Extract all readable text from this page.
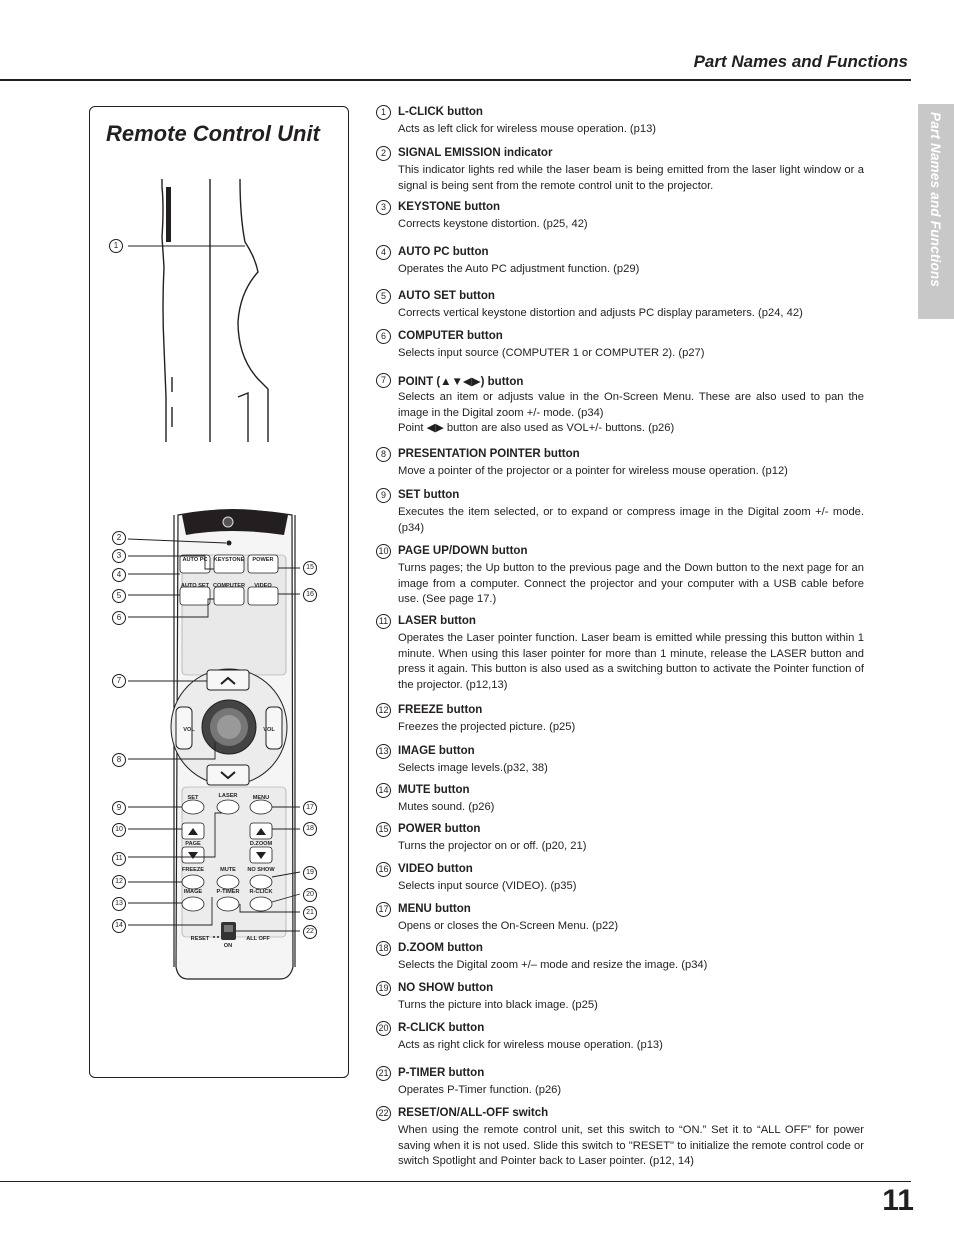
Part Names and Functions
Part Names and Functions
Remote Control Unit
AUTO PC KEYSTONE POWER
AUTO SET COMPUTER VIDEO
VOL	VOL
SET	LASER	MENU
PAGE	D.ZOOM
FREEZE	MUTE NO SHOW
IMAGE	P-TIMER R-CLICK
RESET
ON
ALL OFF
1
2
3
4
5
6
7
8
9
10
11
12
13
14
15
16
17
18
19
20
21
22
1	L-CLICK button
Acts as left click for wireless mouse operation. (p13)
2	SIGNAL EMISSION indicator
This indicator lights red while the laser beam is being emitted from the laser light window or a signal is being sent from the remote control unit to the projector.
3	KEYSTONE button
Corrects keystone distortion. (p25, 42)
4	AUTO PC button
Operates the Auto PC adjustment function. (p29)
5	AUTO SET button
Corrects vertical keystone distortion and adjusts PC display parameters. (p24, 42)
6	COMPUTER button
Selects input source (COMPUTER 1 or COMPUTER 2). (p27)
7	POINT (▲▼◀▶) button
Selects an item or adjusts value in the On-Screen Menu. These are also used to pan the image in the Digital zoom +/- mode. (p34)
Point ◀▶ button are also used as VOL+/- buttons. (p26)
8	PRESENTATION POINTER button
Move a pointer of the projector or a pointer for wireless mouse operation. (p12)
9	SET button
Executes the item selected, or to expand or compress image in the Digital zoom +/- mode. (p34)
10 PAGE UP/DOWN button
Turns pages; the Up button to the previous page and the Down button to the next page for an image from a computer. Connect the projector and your computer with a USB cable before use. (See page 17.)
11 LASER button
Operates the Laser pointer function. Laser beam is emitted while pressing this button within 1 minute. When using this laser pointer for more than 1 minute, release the LASER button and press it again. This button is also used as a switching button to activate the Pointer function of the projector. (p12,13)
12 FREEZE button
Freezes the projected picture. (p25)
13 IMAGE button
Selects image levels.(p32, 38)
14 MUTE button
Mutes sound. (p26)
15 POWER button
Turns the projector on or off. (p20, 21)
16 VIDEO button
Selects input source (VIDEO). (p35)
17 MENU button
Opens or closes the On-Screen Menu. (p22)
18 D.ZOOM button
Selects the Digital zoom +/– mode and resize the image. (p34)
19 NO SHOW button
Turns the picture into black image. (p25)
20 R-CLICK button
Acts as right click for wireless mouse operation. (p13)
21 P-TIMER button
Operates P-Timer function. (p26)
22 RESET/ON/ALL-OFF switch
When using the remote control unit, set this switch to “ON.” Set it to “ALL OFF” for power saving when it is not used. Slide this switch to "RESET" to initialize the remote control code or switch Spotlight and Pointer back to Laser pointer. (p12, 14)
11
